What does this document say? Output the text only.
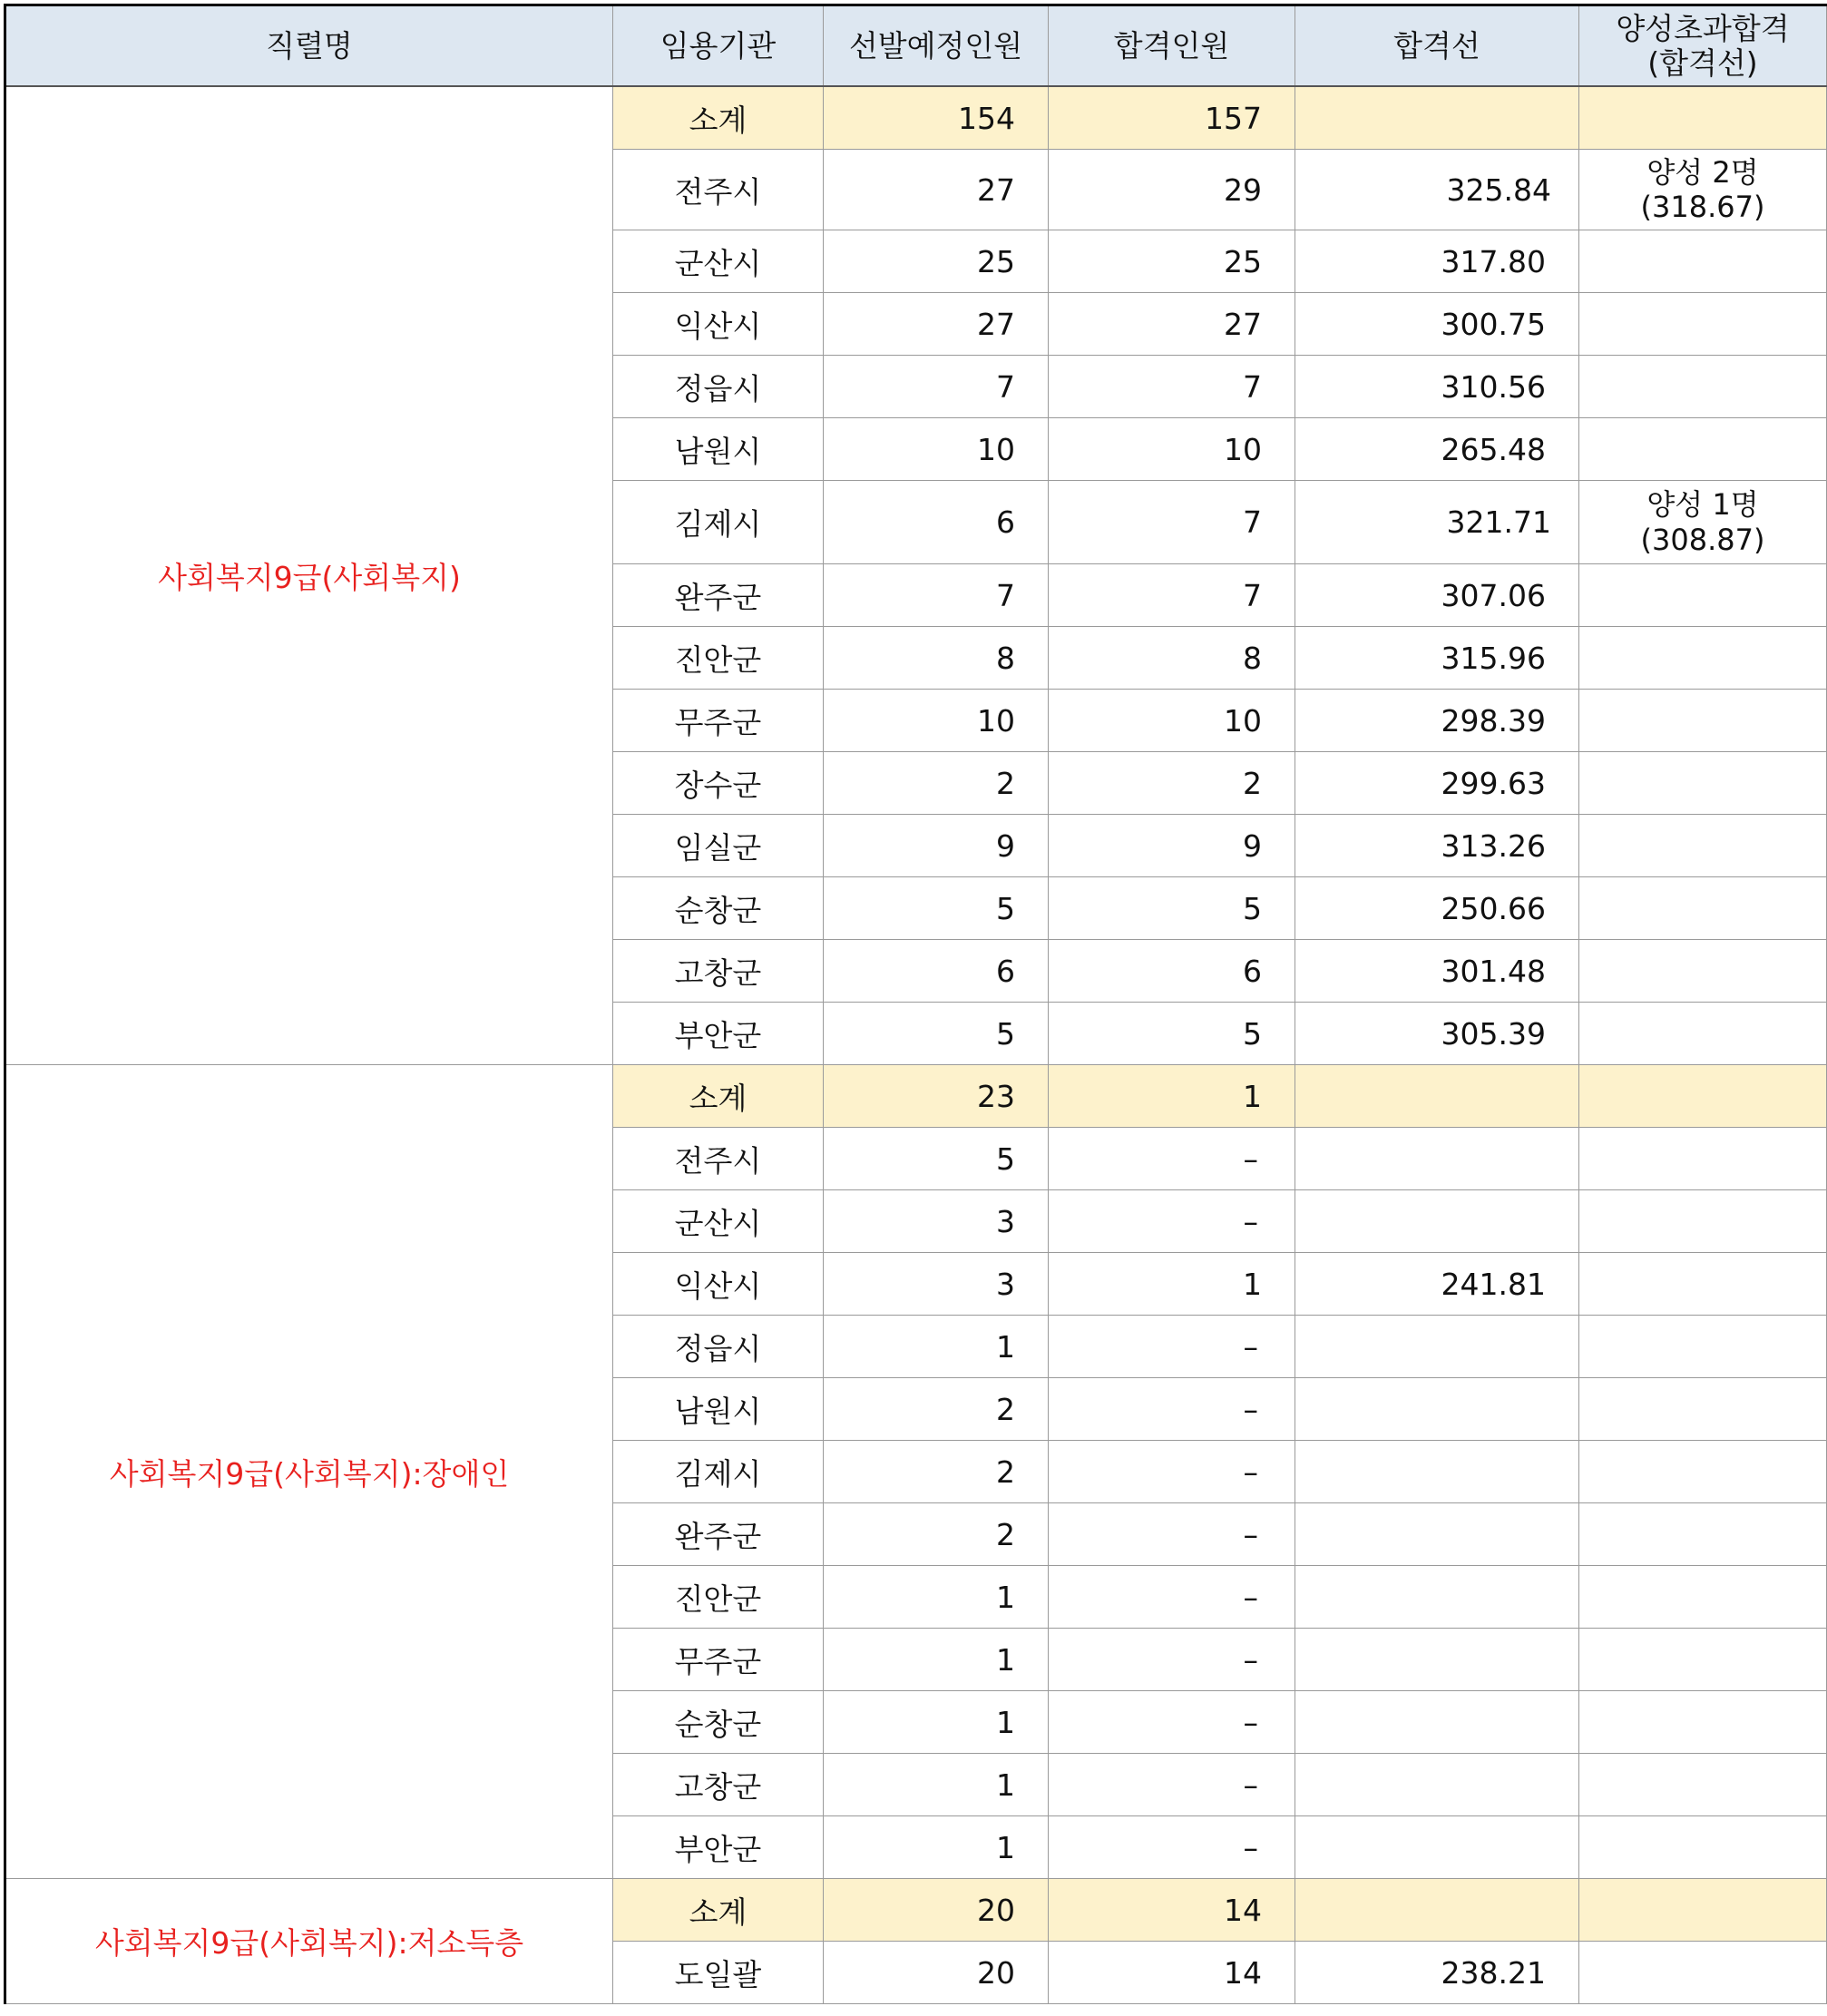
직렬명	임용기관	선발예정인원	합격인원	합격선	양성초과합격
(합격선)
사회복지9급(사회복지)	소계	154	157		
	전주시	27	29	325.84	양성 2명
(318.67)
	군산시	25	25	317.80	
	익산시	27	27	300.75	
	정읍시	7	7	310.56	
	남원시	10	10	265.48	
	김제시	6	7	321.71	양성 1명
(308.87)
	완주군	7	7	307.06	
	진안군	8	8	315.96	
	무주군	10	10	298.39	
	장수군	2	2	299.63	
	임실군	9	9	313.26	
	순창군	5	5	250.66	
	고창군	6	6	301.48	
	부안군	5	5	305.39	
사회복지9급(사회복지):장애인	소계	23	1		
	전주시	5	–		
	군산시	3	–		
	익산시	3	1	241.81	
	정읍시	1	–		
	남원시	2	–		
	김제시	2	–		
	완주군	2	–		
	진안군	1	–		
	무주군	1	–		
	순창군	1	–		
	고창군	1	–		
	부안군	1	–		
사회복지9급(사회복지):저소득층	소계	20	14		
	도일괄	20	14	238.21	
